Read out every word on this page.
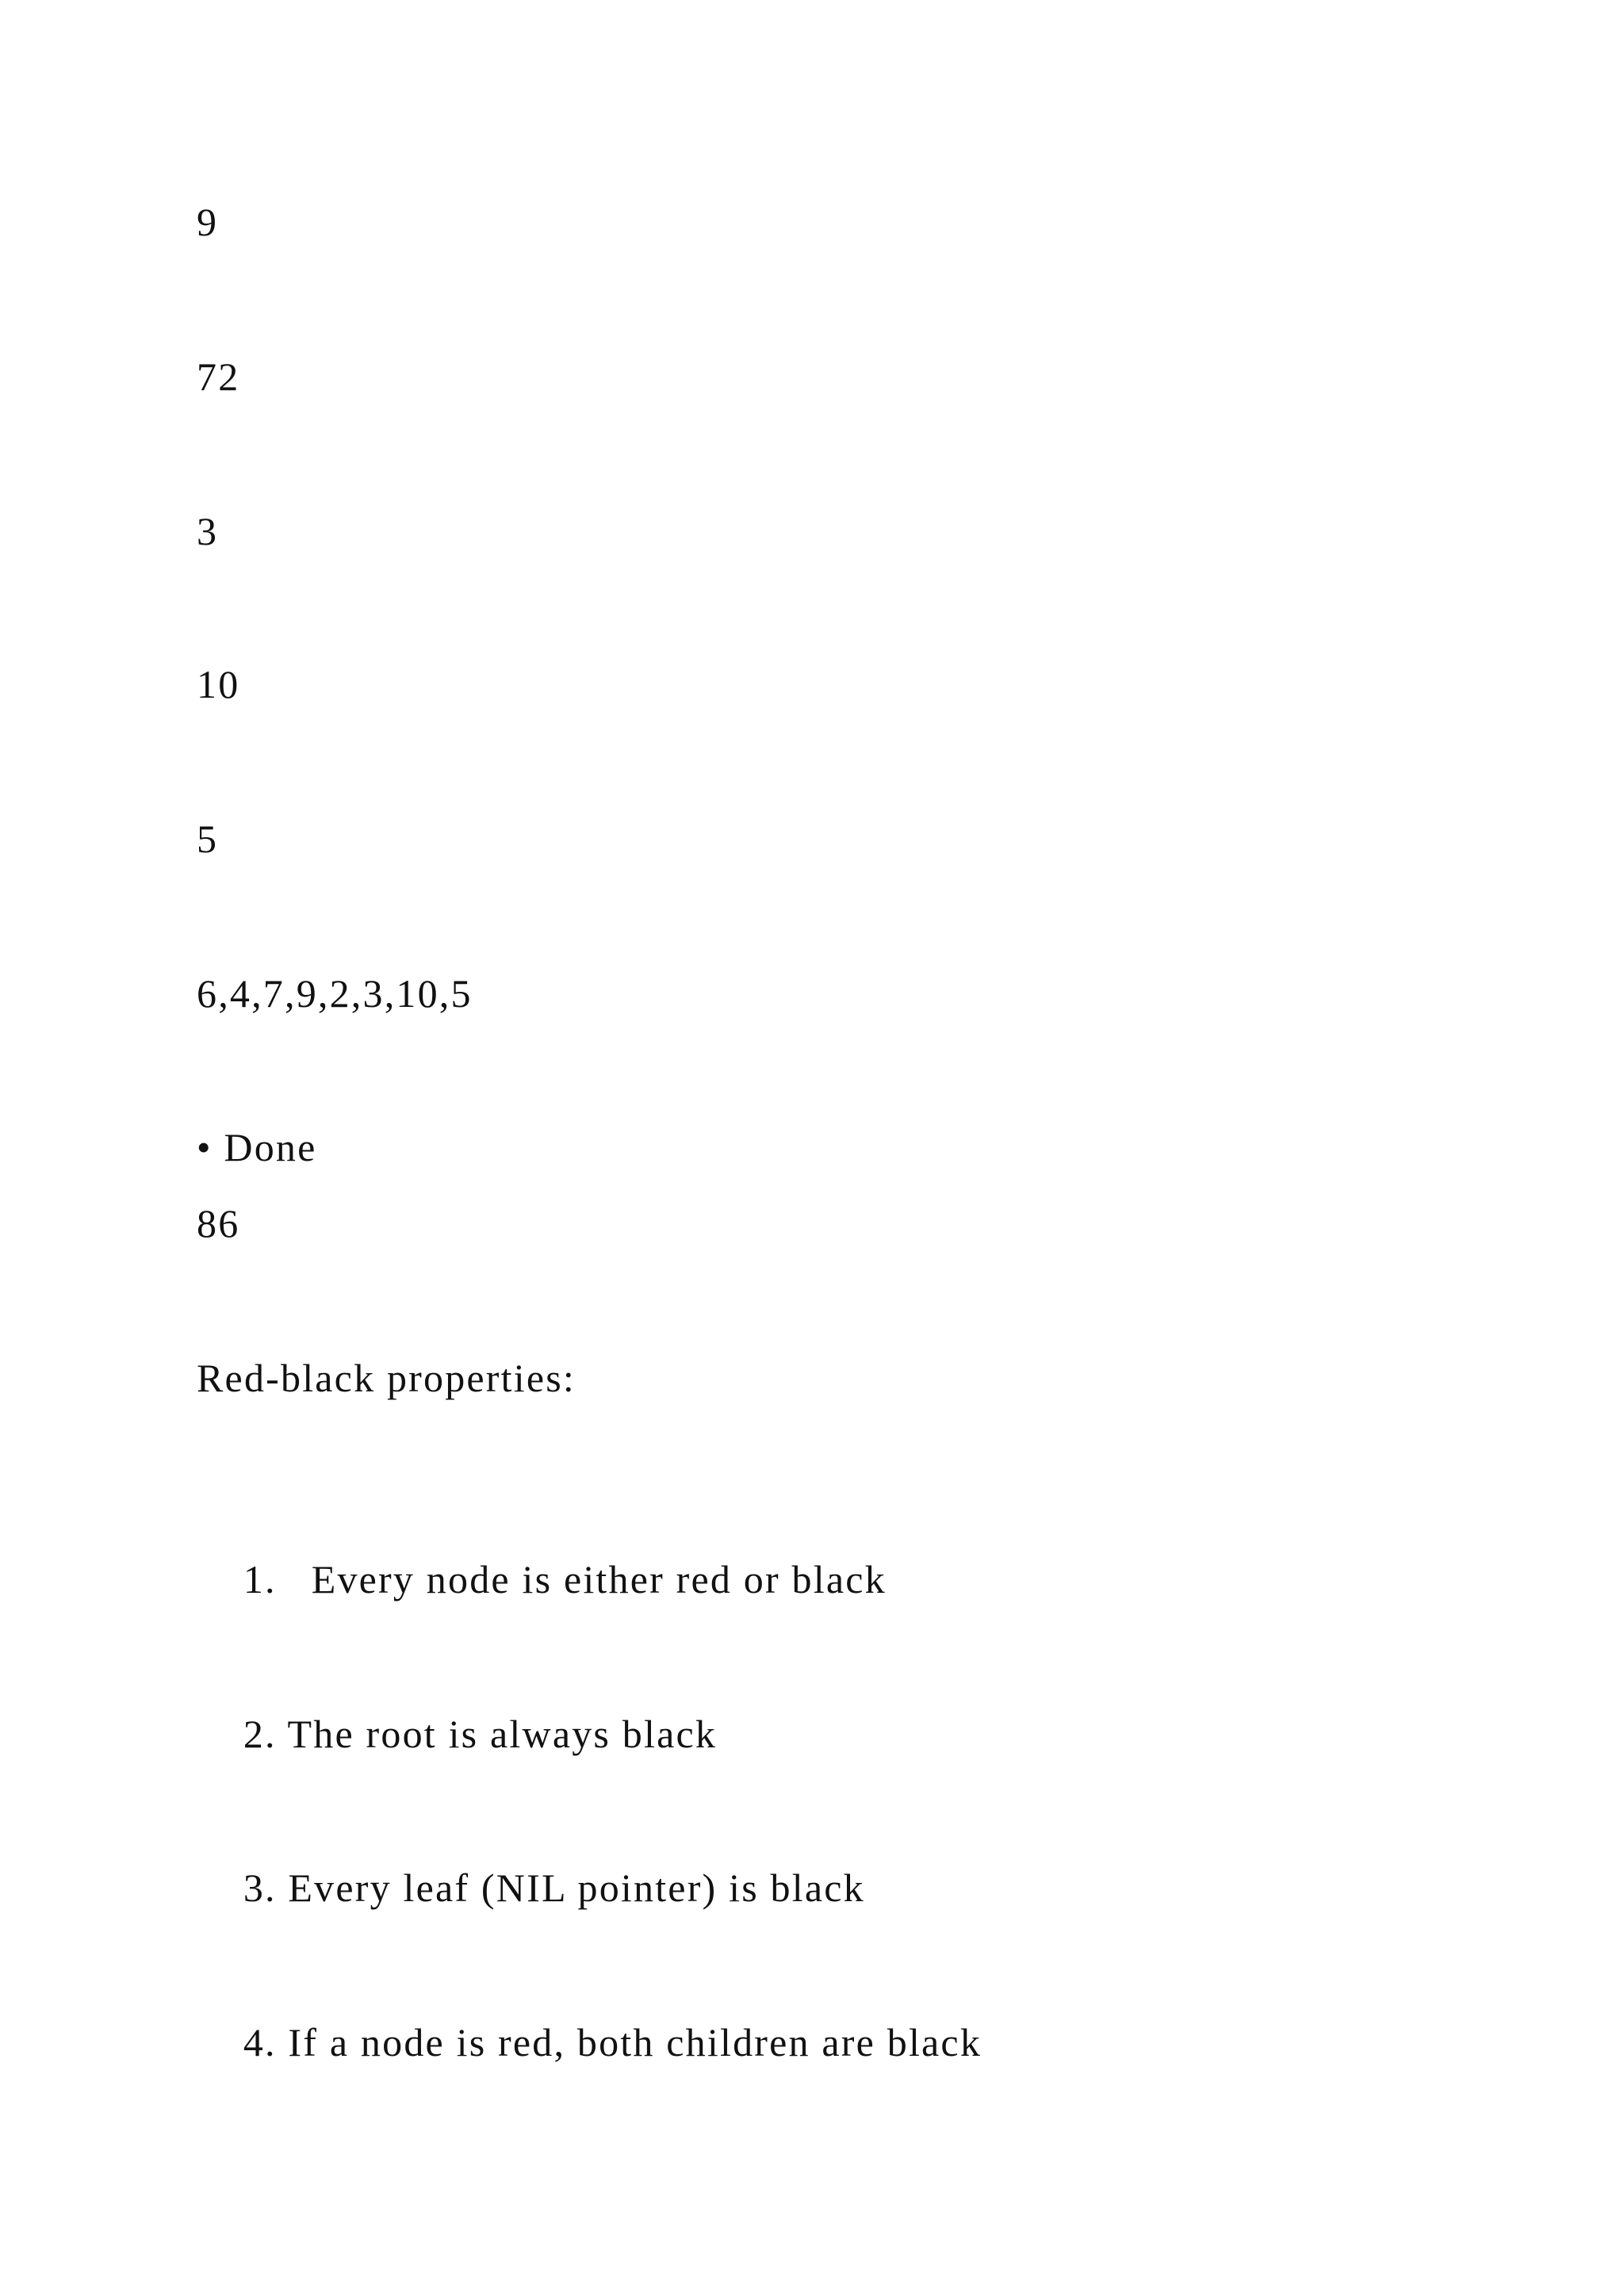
9
72
3
10
5
6,4,7,9,2,3,10,5
• Done
86
Red-black properties:

1. Every node is either red or black

2. The root is always black

3. Every leaf (NIL pointer) is black

4. If a node is red, both children are black
